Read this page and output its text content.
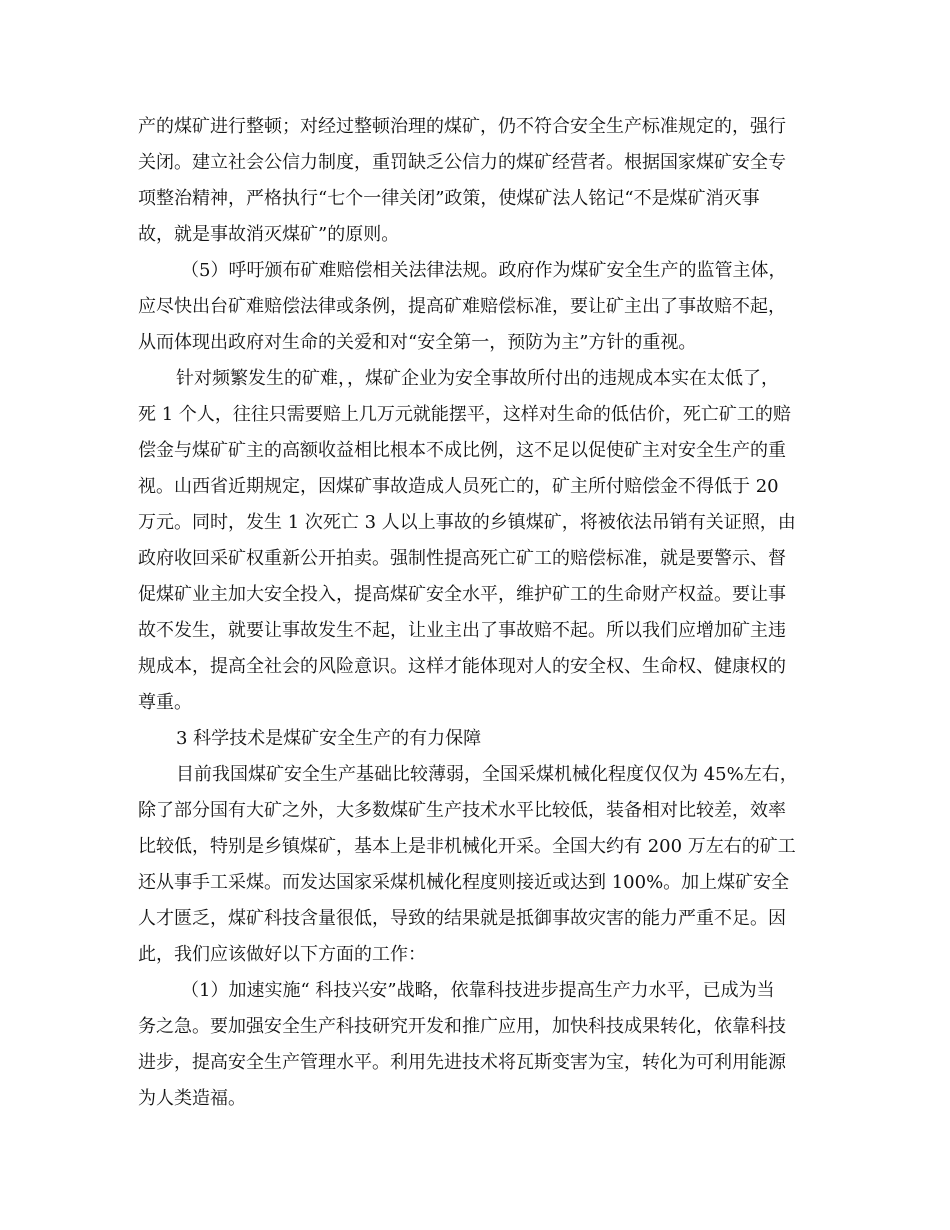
产的煤矿进行整顿；对经过整顿治理的煤矿，仍不符合安全生产标准规定的，强行
关闭。建立社会公信力制度，重罚缺乏公信力的煤矿经营者。根据国家煤矿安全专
项整治精神，严格执行“七个一律关闭”政策，使煤矿法人铭记“不是煤矿消灭事
故，就是事故消灭煤矿”的原则。
（5）呼吁颁布矿难赔偿相关法律法规。政府作为煤矿安全生产的监管主体，
应尽快出台矿难赔偿法律或条例，提高矿难赔偿标准，要让矿主出了事故赔不起，
从而体现出政府对生命的关爱和对“安全第一，预防为主”方针的重视。
针对频繁发生的矿难，，煤矿企业为安全事故所付出的违规成本实在太低了，
死 1 个人，往往只需要赔上几万元就能摆平，这样对生命的低估价，死亡矿工的赔
偿金与煤矿矿主的高额收益相比根本不成比例，这不足以促使矿主对安全生产的重
视。山西省近期规定，因煤矿事故造成人员死亡的，矿主所付赔偿金不得低于 20
万元。同时，发生 1 次死亡 3 人以上事故的乡镇煤矿，将被依法吊销有关证照，由
政府收回采矿权重新公开拍卖。强制性提高死亡矿工的赔偿标准，就是要警示、督
促煤矿业主加大安全投入，提高煤矿安全水平，维护矿工的生命财产权益。要让事
故不发生，就要让事故发生不起，让业主出了事故赔不起。所以我们应增加矿主违
规成本，提高全社会的风险意识。这样才能体现对人的安全权、生命权、健康权的
尊重。
3 科学技术是煤矿安全生产的有力保障
目前我国煤矿安全生产基础比较薄弱，全国采煤机械化程度仅仅为 45%左右，
除了部分国有大矿之外，大多数煤矿生产技术水平比较低，装备相对比较差，效率
比较低，特别是乡镇煤矿，基本上是非机械化开采。全国大约有 200 万左右的矿工
还从事手工采煤。而发达国家采煤机械化程度则接近或达到 100%。加上煤矿安全
人才匮乏，煤矿科技含量很低，导致的结果就是抵御事故灾害的能力严重不足。因
此，我们应该做好以下方面的工作：
（1）加速实施“ 科技兴安”战略，依靠科技进步提高生产力水平，已成为当
务之急。要加强安全生产科技研究开发和推广应用，加快科技成果转化，依靠科技
进步，提高安全生产管理水平。利用先进技术将瓦斯变害为宝，转化为可利用能源
为人类造福。
